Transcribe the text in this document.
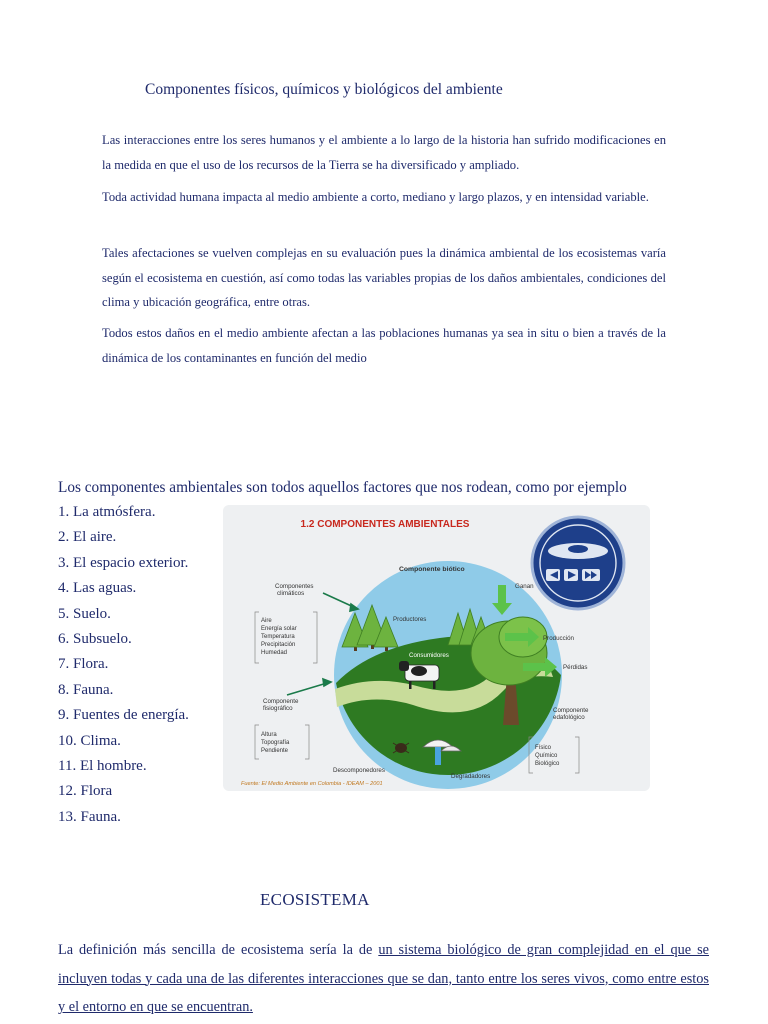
Componentes físicos, químicos y biológicos del ambiente

Las interacciones entre los seres humanos y el ambiente a lo largo de la historia han sufrido modificaciones en la medida en que el uso de los recursos de la Tierra se ha diversificado y ampliado.

Toda actividad humana impacta al medio ambiente a corto, mediano y largo plazos, y en intensidad variable.

Tales afectaciones se vuelven complejas en su evaluación pues la dinámica ambiental de los ecosistemas varía según el ecosistema en cuestión, así como todas las variables propias de los daños ambientales, condiciones del clima y ubicación geográfica, entre otras.

Todos estos daños en el medio ambiente afectan a las poblaciones humanas ya sea in situ o bien a través de la dinámica de los contaminantes en función del medio

Los componentes ambientales son todos aquellos factores que nos rodean, como por ejemplo
1. La atmósfera.
2. El aire.
3. El espacio exterior.
4. Las aguas.
5. Suelo.
6. Subsuelo.
7. Flora.
8. Fauna.
9. Fuentes de energía.
10. Clima.
11. El hombre.
12. Flora
13. Fauna.
1.2 COMPONENTES AMBIENTALES
Componente biótico
Componentes climáticos
Productores
Consumidores
Ganan
Producción
Pérdidas
Componente fisiográfico	Componente edafológico
Descomponedores
Degradadores
Aire Energía solar Temperatura Precipitación Humedad
Altura Topografía Pendiente	Físico Químico Biológico
Fuente: El Medio Ambiente en Colombia - IDEAM – 2001
ECOSISTEMA

La definición más sencilla de ecosistema sería la de un sistema biológico de gran complejidad en el que se incluyen todas y cada una de las diferentes interacciones que se dan, tanto entre los seres vivos, como entre estos y el entorno en que se encuentran.
